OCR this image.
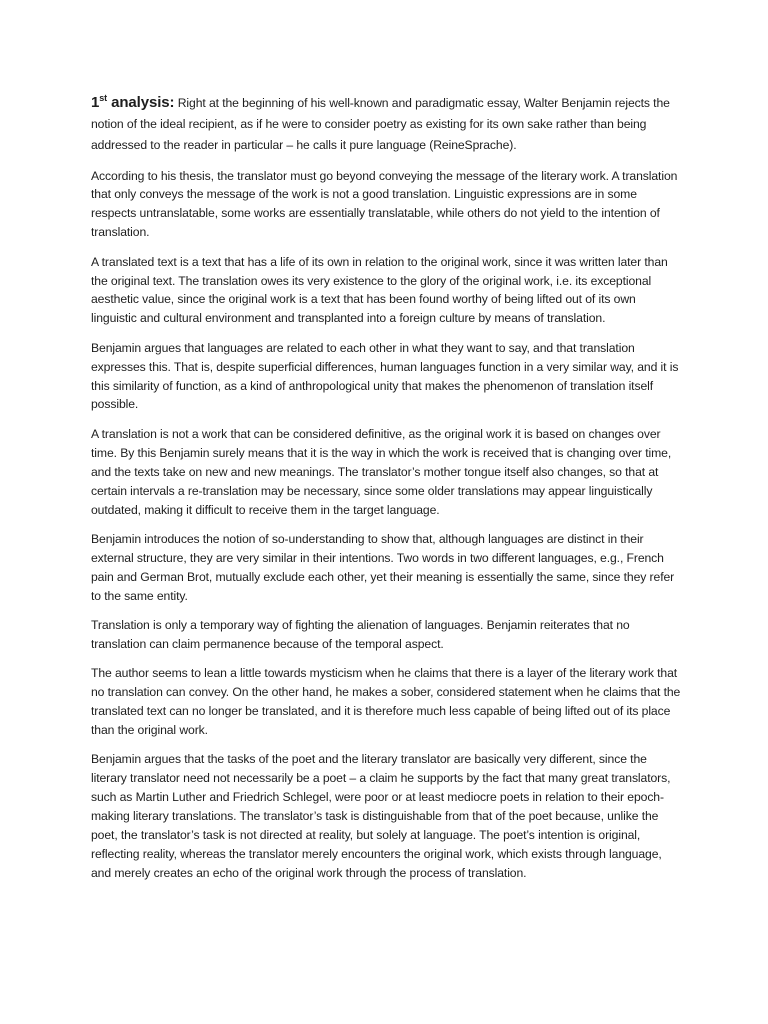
1st analysis: Right at the beginning of his well-known and paradigmatic essay, Walter Benjamin rejects the notion of the ideal recipient, as if he were to consider poetry as existing for its own sake rather than being addressed to the reader in particular – he calls it pure language (ReineSprache).

According to his thesis, the translator must go beyond conveying the message of the literary work. A translation that only conveys the message of the work is not a good translation. Linguistic expressions are in some respects untranslatable, some works are essentially translatable, while others do not yield to the intention of translation.

A translated text is a text that has a life of its own in relation to the original work, since it was written later than the original text. The translation owes its very existence to the glory of the original work, i.e. its exceptional aesthetic value, since the original work is a text that has been found worthy of being lifted out of its own linguistic and cultural environment and transplanted into a foreign culture by means of translation.

Benjamin argues that languages are related to each other in what they want to say, and that translation expresses this. That is, despite superficial differences, human languages function in a very similar way, and it is this similarity of function, as a kind of anthropological unity that makes the phenomenon of translation itself possible.

A translation is not a work that can be considered definitive, as the original work it is based on changes over time. By this Benjamin surely means that it is the way in which the work is received that is changing over time, and the texts take on new and new meanings. The translator’s mother tongue itself also changes, so that at certain intervals a re-translation may be necessary, since some older translations may appear linguistically outdated, making it difficult to receive them in the target language.

Benjamin introduces the notion of so-understanding to show that, although languages are distinct in their external structure, they are very similar in their intentions. Two words in two different languages, e.g., French pain and German Brot, mutually exclude each other, yet their meaning is essentially the same, since they refer to the same entity.

Translation is only a temporary way of fighting the alienation of languages. Benjamin reiterates that no translation can claim permanence because of the temporal aspect.

The author seems to lean a little towards mysticism when he claims that there is a layer of the literary work that no translation can convey. On the other hand, he makes a sober, considered statement when he claims that the translated text can no longer be translated, and it is therefore much less capable of being lifted out of its place than the original work.

Benjamin argues that the tasks of the poet and the literary translator are basically very different, since the literary translator need not necessarily be a poet – a claim he supports by the fact that many great translators, such as Martin Luther and Friedrich Schlegel, were poor or at least mediocre poets in relation to their epoch-making literary translations. The translator’s task is distinguishable from that of the poet because, unlike the poet, the translator’s task is not directed at reality, but solely at language. The poet’s intention is original, reflecting reality, whereas the translator merely encounters the original work, which exists through language, and merely creates an echo of the original work through the process of translation.
